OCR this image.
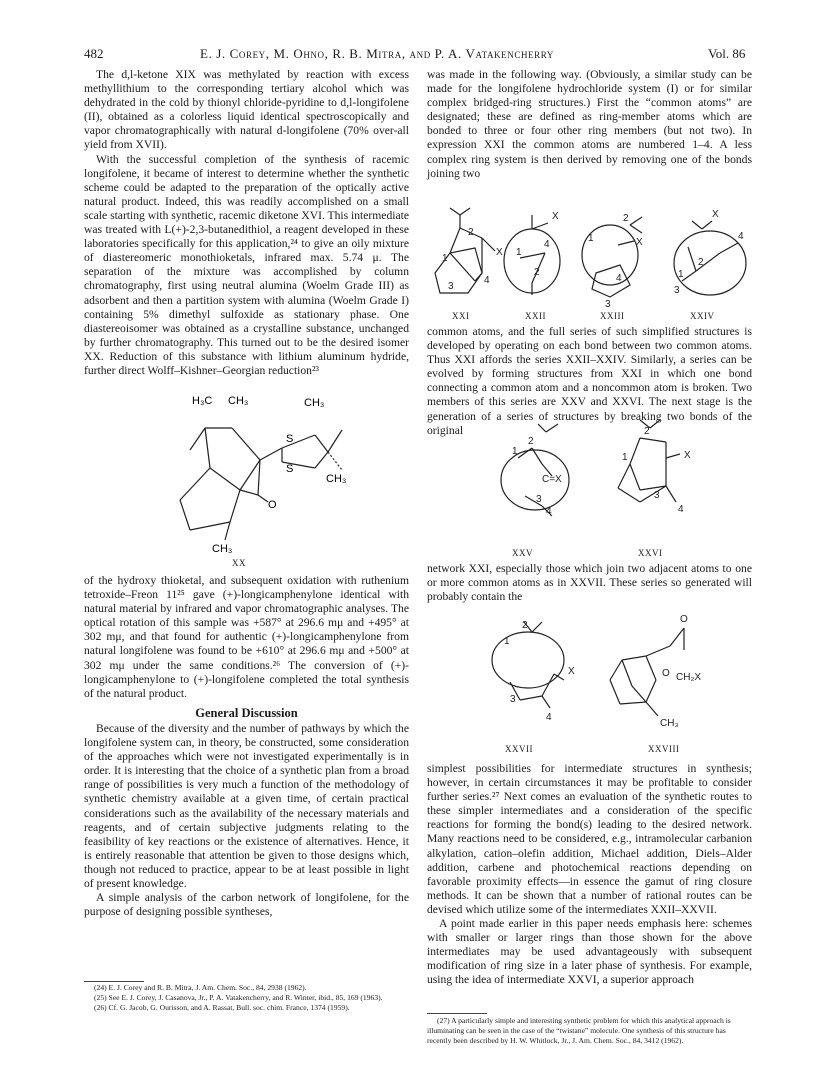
482	E. J. Corey, M. Ohno, R. B. Mitra, and P. A. Vatakencherry	Vol. 86

The d,l-ketone XIX was methylated by reaction with excess methyllithium to the corresponding tertiary alcohol which was dehydrated in the cold by thionyl chloride-pyridine to d,l-longifolene (II), obtained as a colorless liquid identical spectroscopically and vapor chromatographically with natural d-longifolene (70% over-all yield from XVII).

With the successful completion of the synthesis of racemic longifolene, it became of interest to determine whether the synthetic scheme could be adapted to the preparation of the optically active natural product. Indeed, this was readily accomplished on a small scale starting with synthetic, racemic diketone XVI. This intermediate was treated with L(+)-2,3-butanedithiol, a reagent developed in these laboratories specifically for this application,²⁴ to give an oily mixture of diastereomeric monothioketals, infrared max. 5.74 μ. The separation of the mixture was accomplished by column chromatography, first using neutral alumina (Woelm Grade III) as adsorbent and then a partition system with alumina (Woelm Grade I) containing 5% dimethyl sulfoxide as stationary phase. One diastereoisomer was obtained as a crystalline substance, unchanged by further chromatography. This turned out to be the desired isomer XX. Reduction of this substance with lithium aluminum hydride, further direct Wolff–Kishner–Georgian reduction²³

H₃C CH₃	CH₃
S
S
CH₃
O
CH₃
XX

of the hydroxy thioketal, and subsequent oxidation with ruthenium tetroxide–Freon 11²⁵ gave (+)-longicamphenylone identical with natural material by infrared and vapor chromatographic analyses. The optical rotation of this sample was +587° at 296.6 mμ and +495° at 302 mμ, and that found for authentic (+)-longicamphenylone from natural longifolene was found to be +610° at 296.6 mμ and +500° at 302 mμ under the same conditions.²⁶ The conversion of (+)-longicamphenylone to (+)-longifolene completed the total synthesis of the natural product.

General Discussion

Because of the diversity and the number of pathways by which the longifolene system can, in theory, be constructed, some consideration of the approaches which were not investigated experimentally is in order. It is interesting that the choice of a synthetic plan from a broad range of possibilities is very much a function of the methodology of synthetic chemistry available at a given time, of certain practical considerations such as the availability of the necessary materials and reagents, and of certain subjective judgments relating to the feasibility of key reactions or the existence of alternatives. Hence, it is entirely reasonable that attention be given to those designs which, though not reduced to practice, appear to be at least possible in light of present knowledge.

A simple analysis of the carbon network of longifolene, for the purpose of designing possible syntheses,

(24) E. J. Corey and R. B. Mitra, J. Am. Chem. Soc., 84, 2938 (1962).

(25) See E. J. Corey, J. Casanova, Jr., P. A. Vatakencherry, and R. Winter, ibid., 85, 169 (1963).

(26) Cf. G. Jacob, G. Ourisson, and A. Rassat, Bull. soc. chim. France, 1374 (1959).

was made in the following way. (Obviously, a similar study can be made for the longifolene hydrochloride system (I) or for similar complex bridged-ring structures.) First the “common atoms” are designated; these are defined as ring-member atoms which are bonded to three or four other ring members (but not two). In expression XXI the common atoms are numbered 1–4. A less complex ring system is then derived by removing one of the bonds joining two

X
1
2
3
4
X
1
2
4
1
2
3
4
X
X
1
2
3
4
XXI	XXII	XXIII	XXIV

common atoms, and the full series of such simplified structures is developed by operating on each bond between two common atoms. Thus XXI affords the series XXII–XXIV. Similarly, a series can be evolved by forming structures from XXI in which one bond connecting a common atom and a noncommon atom is broken. Two members of this series are XXV and XXVI. The next stage is the generation of a series of structures by breaking two bonds of the original

1
2
C=X
3
4
2
1	X
3
4
XXV	XXVI

network XXI, especially those which join two adjacent atoms to one or more common atoms as in XXVII. These series so generated will probably contain the

1
2
X
3
4
O
O CH₂X
CH₃
XXVII	XXVIII

simplest possibilities for intermediate structures in synthesis; however, in certain circumstances it may be profitable to consider further series.²⁷ Next comes an evaluation of the synthetic routes to these simpler intermediates and a consideration of the specific reactions for forming the bond(s) leading to the desired network. Many reactions need to be considered, e.g., intramolecular carbanion alkylation, cation–olefin addition, Michael addition, Diels–Alder addition, carbene and photochemical reactions depending on favorable proximity effects—in essence the gamut of ring closure methods. It can be shown that a number of rational routes can be devised which utilize some of the intermediates XXII–XXVII.

A point made earlier in this paper needs emphasis here: schemes with smaller or larger rings than those shown for the above intermediates may be used advantageously with subsequent modification of ring size in a later phase of synthesis. For example, using the idea of intermediate XXVI, a superior approach

(27) A particularly simple and interesting synthetic problem for which this analytical approach is illuminating can be seen in the case of the “twistane” molecule. One synthesis of this structure has recently been described by H. W. Whitlock, Jr., J. Am. Chem. Soc., 84, 3412 (1962).
